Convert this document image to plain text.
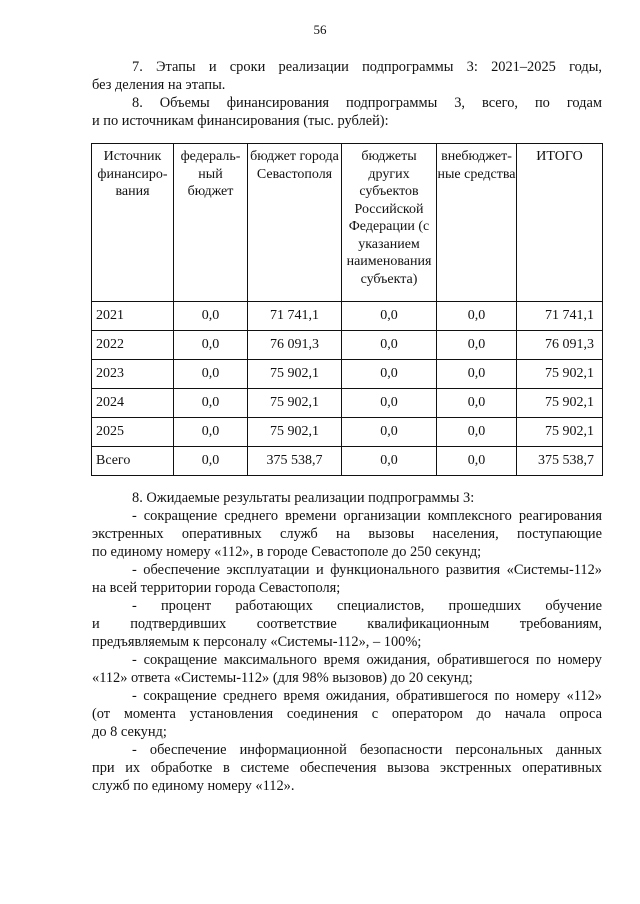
56

7. Этапы и сроки реализации подпрограммы 3: 2021–2025 годы,
без деления на этапы.

8. Объемы финансирования подпрограммы 3, всего, по годам
и по источникам финансирования (тыс. рублей):

Источник финансиро-вания	федераль-ный бюджет	бюджет города Севастополя	бюджеты других субъектов Российской Федерации (с указанием наименования субъекта)	внебюджет-ные средства	ИТОГО
2021	0,0	71 741,1	0,0	0,0	71 741,1
2022	0,0	76 091,3	0,0	0,0	76 091,3
2023	0,0	75 902,1	0,0	0,0	75 902,1
2024	0,0	75 902,1	0,0	0,0	75 902,1
2025	0,0	75 902,1	0,0	0,0	75 902,1
Всего	0,0	375 538,7	0,0	0,0	375 538,7
8. Ожидаемые результаты реализации подпрограммы 3:
- сокращение среднего времени организации комплексного реагирования
экстренных оперативных служб на вызовы населения, поступающие
по единому номеру «112», в городе Севастополе до 250 секунд;
- обеспечение эксплуатации и функционального развития «Системы-112»
на всей территории города Севастополя;
- процент работающих специалистов, прошедших обучение
и подтвердивших соответствие квалификационным требованиям,
предъявляемым к персоналу «Системы-112», – 100%;
- сокращение максимального время ожидания, обратившегося по номеру
«112» ответа «Системы-112» (для 98% вызовов) до 20 секунд;
- сокращение среднего время ожидания, обратившегося по номеру «112»
(от момента установления соединения с оператором до начала опроса
до 8 секунд;
- обеспечение информационной безопасности персональных данных
при их обработке в системе обеспечения вызова экстренных оперативных
служб по единому номеру «112».
